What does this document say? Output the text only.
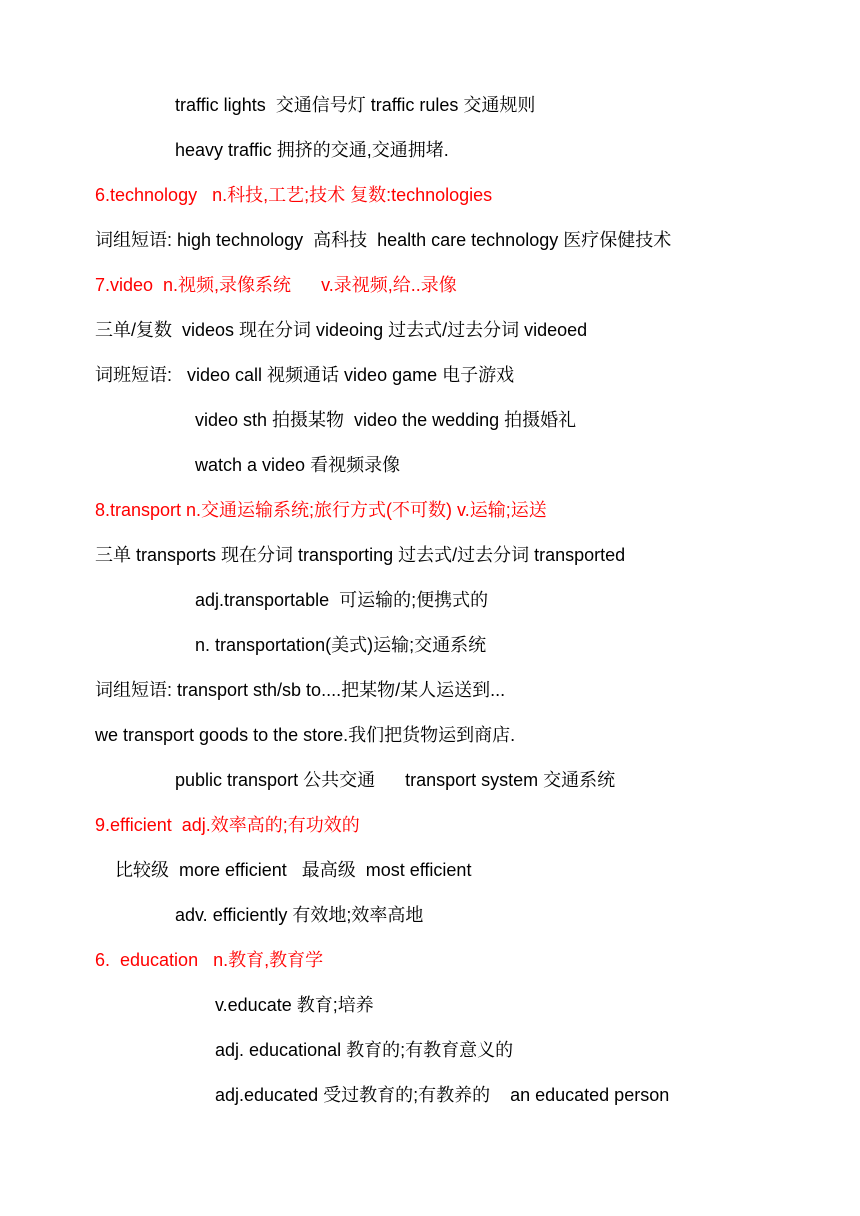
traffic lights  交通信号灯 traffic rules 交通规则
heavy traffic 拥挤的交通,交通拥堵.
6.technology   n.科技,工艺;技术 复数:technologies
词组短语: high technology  高科技  health care technology 医疗保健技术
7.video  n.视频,录像系统      v.录视频,给..录像
三单/复数  videos 现在分词 videoing 过去式/过去分词 videoed
词班短语:   video call 视频通话 video game 电子游戏
video sth 拍摄某物  video the wedding 拍摄婚礼
watch a video 看视频录像
8.transport n.交通运输系统;旅行方式(不可数) v.运输;运送
三单 transports 现在分词 transporting 过去式/过去分词 transported
adj.transportable  可运输的;便携式的
n. transportation(美式)运输;交通系统
词组短语: transport sth/sb to....把某物/某人运送到...
we transport goods to the store.我们把货物运到商店.
public transport 公共交通      transport system 交通系统
9.efficient  adj.效率高的;有功效的
比较级  more efficient   最高级  most efficient
adv. efficiently 有效地;效率高地
6.  education   n.教育,教育学
v.educate 教育;培养
adj. educational 教育的;有教育意义的
adj.educated 受过教育的;有教养的    an educated person
